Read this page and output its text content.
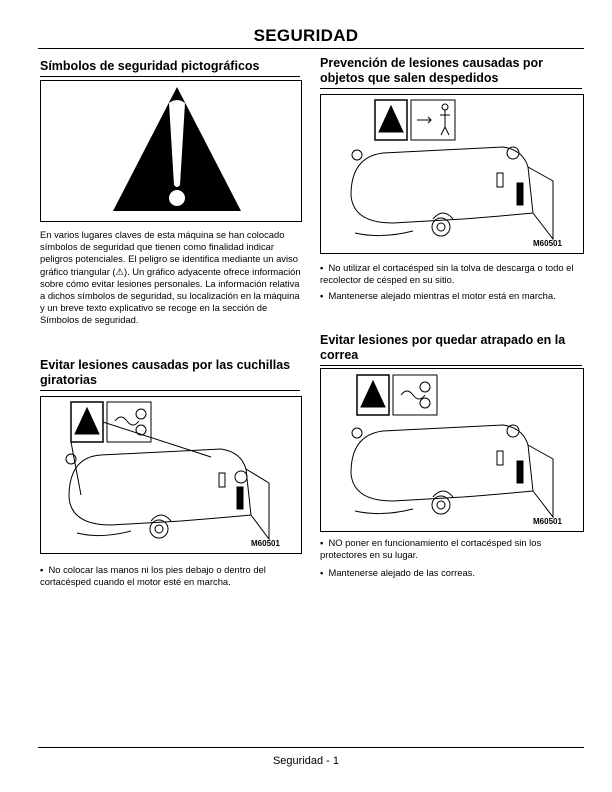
SEGURIDAD
Símbolos de seguridad pictográficos
En varios lugares claves de esta máquina se han colocado símbolos de seguridad que tienen como finalidad indicar peligros potenciales. El peligro se identifica mediante un aviso gráfico triangular (⚠). Un gráfico adyacente ofrece información sobre cómo evitar lesiones personales. La información relativa a dichos símbolos de seguridad, su localización en la máquina y un breve texto explicativo se recoge en la sección de Símbolos de seguridad.
Evitar lesiones causadas por las cuchillas giratorias
M60501
• No colocar las manos ni los pies debajo o dentro del cortacésped cuando el motor esté en marcha.
Prevención de lesiones causadas por objetos que salen despedidos
M60501
• No utilizar el cortacésped sin la tolva de descarga o todo el recolector de césped en su sitio.
• Mantenerse alejado mientras el motor está en marcha.
Evitar lesiones por quedar atrapado en la correa
M60501
• NO poner en funcionamiento el cortacésped sin los protectores en su lugar.
• Mantenerse alejado de las correas.
Seguridad - 1
